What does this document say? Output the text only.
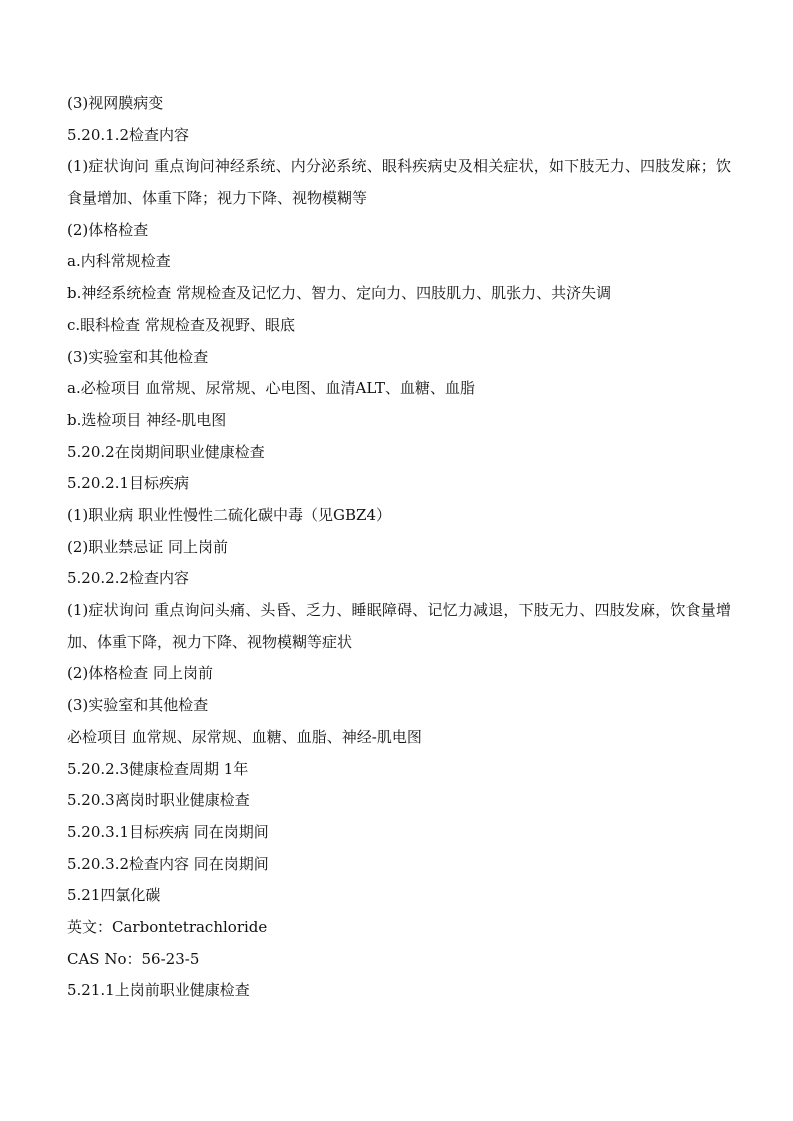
(3)视网膜病变
5.20.1.2检查内容
(1)症状询问 重点询问神经系统、内分泌系统、眼科疾病史及相关症状，如下肢无力、四肢发麻；饮食量增加、体重下降；视力下降、视物模糊等
(2)体格检查
a.内科常规检查
b.神经系统检查 常规检查及记忆力、智力、定向力、四肢肌力、肌张力、共济失调
c.眼科检查 常规检查及视野、眼底
(3)实验室和其他检查
a.必检项目 血常规、尿常规、心电图、血清ALT、血糖、血脂
b.选检项目 神经-肌电图
5.20.2在岗期间职业健康检查
5.20.2.1目标疾病
(1)职业病 职业性慢性二硫化碳中毒（见GBZ4）
(2)职业禁忌证 同上岗前
5.20.2.2检查内容
(1)症状询问 重点询问头痛、头昏、乏力、睡眠障碍、记忆力减退，下肢无力、四肢发麻，饮食量增加、体重下降，视力下降、视物模糊等症状
(2)体格检查 同上岗前
(3)实验室和其他检查
必检项目 血常规、尿常规、血糖、血脂、神经-肌电图
5.20.2.3健康检查周期 1年
5.20.3离岗时职业健康检查
5.20.3.1目标疾病 同在岗期间
5.20.3.2检查内容 同在岗期间
5.21四氯化碳
英文：Carbontetrachloride
CAS No：56-23-5
5.21.1上岗前职业健康检查
